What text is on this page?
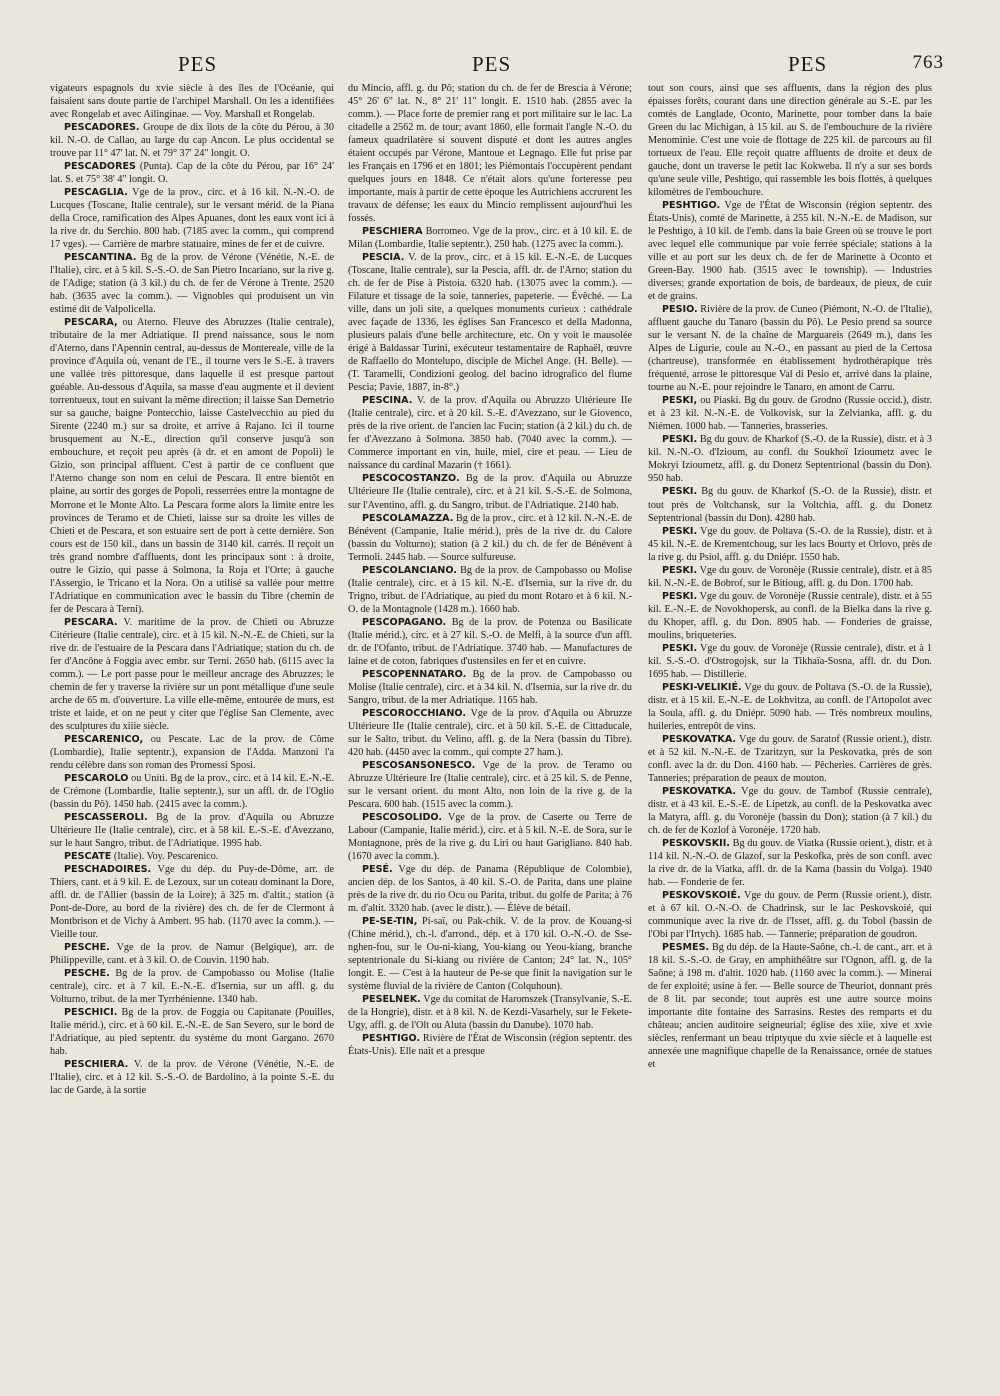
PES	PES	PES	763

vigateurs espagnols du xvie siècle à des îles de l'Océanie, qui faisaient sans doute partie de l'archipel Marshall. On les a identifiées avec Rongelab et avec Ailinginae. — Voy. Marshall et Rongelab.

PESCADORES. Groupe de dix îlots de la côte du Pérou, à 30 kil. N.-O. de Callao, au large du cap Ancon. Le plus occidental se trouve par 11° 47' lat. N. et 79° 37' 24" longit. O.

PESCADORES (Punta). Cap de la côte du Pérou, par 16° 24' lat. S. et 75° 38' 4" longit. O.

PESCAGLIA. Vge de la prov., circ. et à 16 kil. N.-N.-O. de Lucques (Toscane, Italie centrale), sur le versant mérid. de la Piana della Croce, ramification des Alpes Apuanes, dont les eaux vont ici à la rive dr. du Serchio. 800 hab. (7185 avec la comm., qui comprend 17 vges). — Carrière de marbre statuaire, mines de fer et de cuivre.

PESCANTINA. Bg de la prov. de Vérone (Vénétie, N.-E. de l'Italie), circ. et à 5 kil. S.-S.-O. de San Pietro Incariano, sur la rive g. de l'Adige; station (à 3 kil.) du ch. de fer de Vérone à Trente. 2520 hab. (3635 avec la comm.). — Vignobles qui produisent un vin estimé dit de Valpolicella.

PESCARA, ou Aterno. Fleuve des Abruzzes (Italie centrale), tributaire de la mer Adriatique. Il prend naissance, sous le nom d'Aterno, dans l'Apennin central, au-dessus de Montereale, ville de la province d'Aquila où, venant de l'E., il tourne vers le S.-E. à travers une vallée très pittoresque, dans laquelle il est presque partout guéable. Au-dessous d'Aquila, sa masse d'eau augmente et il devient torrentueux, tout en suivant la même direction; il laisse San Demetrio sur sa gauche, baigne Pontecchio, laisse Castelvecchio au pied du Sirente (2240 m.) sur sa droite, et arrive à Rajano. Ici il tourne brusquement au N.-E., direction qu'il conserve jusqu'à son embouchure, et reçoit peu après (à dr. et en amont de Popoli) le Gizio, son principal affluent. C'est à partir de ce confluent que l'Aterno change son nom en celui de Pescara. Il entre bientôt en plaine, au sortir des gorges de Popoli, resserrées entre la montagne de Morrone et le Monte Alto. La Pescara forme alors la limite entre les provinces de Teramo et de Chieti, laisse sur sa droite les villes de Chieti et de Pescara, et son estuaire sert de port à cette dernière. Son cours est de 150 kil., dans un bassin de 3140 kil. carrés. Il reçoit un très grand nombre d'affluents, dont les principaux sont : à droite, outre le Gizio, qui passe à Solmona, la Roja et l'Orte; à gauche l'Assergio, le Tricano et la Nora. On a utilisé sa vallée pour mettre l'Adriatique en communication avec le bassin du Tibre (chemin de fer de Pescara à Terni).

PESCARA. V. maritime de la prov. de Chieti ou Abruzze Citérieure (Italie centrale), circ. et à 15 kil. N.-N.-E. de Chieti, sur la rive dr. de l'estuaire de la Pescara dans l'Adriatique; station du ch. de fer d'Ancône à Foggia avec embr. sur Terni. 2650 hab. (6115 avec la comm.). — Le port passe pour le meilleur ancrage des Abruzzes; le chemin de fer y traverse la rivière sur un pont métallique d'une seule arche de 65 m. d'ouverture. La ville elle-même, entourée de murs, est triste et laide, et on ne peut y citer que l'église San Clemente, avec des sculptures du xiiie siècle.

PESCARENICO, ou Pescate. Lac de la prov. de Côme (Lombardie), Italie septentr.), expansion de l'Adda. Manzoni l'a rendu célèbre dans son roman des Promessi Sposi.

PESCAROLO ou Uniti. Bg de la prov., circ. et à 14 kil. E.-N.-E. de Crémone (Lombardie, Italie septentr.), sur un affl. dr. de l'Oglio (bassin du Pô). 1450 hab. (2415 avec la comm.).

PESCASSEROLI. Bg de la prov. d'Aquila ou Abruzze Ultérieure IIe (Italie centrale), circ. et à 58 kil. E.-S.-E. d'Avezzano, sur le haut Sangro, tribut. de l'Adriatique. 1995 hab.

PESCATE (Italie). Voy. Pescarenico.

PESCHADOIRES. Vge du dép. du Puy-de-Dôme, arr. de Thiers, cant. et à 9 kil. E. de Lezoux, sur un coteau dominant la Dore, affl. dr. de l'Allier (bassin de la Loire); à 325 m. d'altit.; station (à Pont-de-Dore, au bord de la rivière) des ch. de fer de Clermont à Montbrison et de Vichy à Ambert. 95 hab. (1170 avec la comm.). — Vieille tour.

PESCHE. Vge de la prov. de Namur (Belgique), arr. de Philippeville, cant. et à 3 kil. O. de Couvin. 1190 hab.

PESCHE. Bg de la prov. de Campobasso ou Molise (Italie centrale), circ. et à 7 kil. E.-N.-E. d'Isernia, sur un affl. g. du Volturno, tribut. de la mer Tyrrhénienne. 1340 hab.

PESCHICI. Bg de la prov. de Foggia ou Capitanate (Pouilles, Italie mérid.), circ. et à 60 kil. E.-N.-E. de San Severo, sur le bord de l'Adriatique, au pied septentr. du système du mont Gargano. 2670 hab.

PESCHIERA. V. de la prov. de Vérone (Vénétie, N.-E. de l'Italie), circ. et à 12 kil. S.-S.-O. de Bardolino, à la pointe S.-E. du lac de Garde, à la sortie

du Mincio, affl. g. du Pô; station du ch. de fer de Brescia à Vérone; 45° 26' 6" lat. N., 8° 21' 11" longit. E. 1510 hab. (2855 avec la comm.). — Place forte de premier rang et port militaire sur le lac. La citadelle a 2562 m. de tour; avant 1860, elle formait l'angle N.-O. du fameux quadrilatère si souvent disputé et dont les autres angles étaient occupés par Vérone, Mantoue et Legnago. Elle fut prise par les Français en 1796 et en 1801; les Piémontais l'occupèrent pendant quelques jours en 1848. Ce n'était alors qu'une forteresse peu importante, mais à partir de cette époque les Autrichiens accrurent les travaux de défense; les eaux du Mincio remplissent aujourd'hui les fossés.

PESCHIERA Borromeo. Vge de la prov., circ. et à 10 kil. E. de Milan (Lombardie, Italie septentr.). 250 hab. (1275 avec la comm.).

PESCIA. V. de la prov., circ. et à 15 kil. E.-N.-E. de Lucques (Toscane, Italie centrale), sur la Pescia, affl. dr. de l'Arno; station du ch. de fer de Pise à Pistoia. 6320 hab. (13075 avec la comm.). — Filature et tissage de la soie, tanneries, papeterie. — Évêché. — La ville, dans un joli site, a quelques monuments curieux : cathédrale avec façade de 1336, les églises San Francesco et della Madonna, plusieurs palais d'une belle architecture, etc. On y voit le mausolée érigé à Baldassar Turini, exécuteur testamentaire de Raphaël, œuvre de Raffaello do Montelupo, disciple de Michel Ange. (H. Belle). — (T. Taramelli, Condizioni geolog. del bacino idrografico del fiume Pescia; Pavie, 1887, in-8°.)

PESCINA. V. de la prov. d'Aquila ou Abruzzo Ultérieure IIe (Italie centrale), circ. et à 20 kil. S.-E. d'Avezzano, sur le Giovenco, près de la rive orient. de l'ancien lac Fucin; station (à 2 kil.) du ch. de fer d'Avezzano à Solmona. 3850 hab. (7040 avec la comm.). — Commerce important en vin, huile, miel, cire et peau. — Lieu de naissance du cardinal Mazarin († 1661).

PESCOCOSTANZO. Bg de la prov. d'Aquila ou Abruzze Ultérieure IIe (Italie centrale), circ. et à 21 kil. S.-S.-E. de Solmona, sur l'Aventino, affl. g. du Sangro, tribut. de l'Adriatique. 2140 hab.

PESCOLAMAZZA. Bg de la prov., circ. et à 12 kil. N.-N.-E. de Bénévent (Campanie, Italie mérid.), près de la rive dr. du Calore (bassin du Volturno); station (à 2 kil.) du ch. de fer de Bénévent à Termoli. 2445 hab. — Source sulfureuse.

PESCOLANCIANO. Bg de la prov. de Campobasso ou Molise (Italie centrale), circ. et à 15 kil. N.-E. d'Isernia, sur la rive dr. du Trigno, tribut. de l'Adriatique, au pied du mont Rotaro et à 6 kil. N.-O. de la Montagnole (1428 m.). 1660 hab.

PESCOPAGANO. Bg de la prov. de Potenza ou Basilicate (Italie mérid.), circ. et à 27 kil. S.-O. de Melfi, à la source d'un affl. dr. de l'Ofanto, tribut. de l'Adriatique. 3740 hab. — Manufactures de laine et de coton, fabriques d'ustensiles en fer et en cuivre.

PESCOPENNATARO. Bg de la prov. de Campobasso ou Molise (Italie centrale), circ. et à 34 kil. N. d'Isernia, sur la rive dr. du Sangro, tribut. de la mer Adriatique. 1165 hab.

PESCOROCCHIANO. Vge de la prov. d'Aquila ou Abruzze Ultérieure IIe (Italie centrale), circ. et à 50 kil. S.-E. de Cittaducale, sur le Salto, tribut. du Velino, affl. g. de la Nera (bassin du Tibre). 420 hab. (4450 avec la comm., qui compte 27 ham.).

PESCOSANSONESCO. Vge de la prov. de Teramo ou Abruzze Ultérieure Ire (Italie centrale), circ. et à 25 kil. S. de Penne, sur le versant orient. du mont Alto, non loin de la rive g. de la Pescara. 600 hab. (1515 avec la comm.).

PESCOSOLIDO. Vge de la prov. de Caserte ou Terre de Labour (Campanie, Italie mérid.), circ. et à 5 kil. N.-E. de Sora, sur le Montagnone, près de la rive g. du Liri ou haut Garigliano. 840 hab. (1670 avec la comm.).

PESÉ. Vge du dép. de Panama (République de Colombie), ancien dép. de los Santos, à 40 kil. S.-O. de Parita, dans une plaine près de la rive dr. du rio Ocu ou Parita, tribut. du golfe de Parita; à 76 m. d'altit. 3320 hab. (avec le distr.). — Élève de bétail.

PE-SE-TIN, Pi-saï, ou Pak-chik. V. de la prov. de Kouang-si (Chine mérid.), ch.-l. d'arrond., dép. et à 170 kil. O.-N.-O. de Sse-nghen-fou, sur le Ou-ni-kiang, You-kiang ou Yeou-kiang, branche septentrionale du Si-kiang ou rivière de Canton; 24° lat. N., 105° longit. E. — C'est à la hauteur de Pe-se que finit la navigation sur le système fluvial de la rivière de Canton (Colquhoun).

PESELNEK. Vge du comitat de Haromszek (Transylvanie, S.-E. de la Hongrie), distr. et à 8 kil. N. de Kezdi-Vasarhely, sur le Fekete-Ugy, affl. g. de l'Olt ou Aluta (bassin du Danube). 1070 hab.

PESHTIGO. Rivière de l'État de Wisconsin (région septentr. des États-Unis). Elle naît et a presque

tout son cours, ainsi que ses affluents, dans la région des plus épaisses forêts, courant dans une direction générale au S.-E. par les comtés de Langlade, Oconto, Marinette, pour tomber dans la baie Green du lac Michigan, à 15 kil. au S. de l'embouchure de la rivière Menominie. C'est une voie de flottage de 225 kil. de parcours au fil tortueux de l'eau. Elle reçoit quatre affluents de droite et deux de gauche, dont un traverse le petit lac Kokweba. Il n'y a sur ses bords qu'une seule ville, Peshtigo, qui rassemble les bois flottés, à quelques kilomètres de l'embouchure.

PESHTIGO. Vge de l'État de Wisconsin (région septentr. des États-Unis), comté de Marinette, à 255 kil. N.-N.-E. de Madison, sur le Peshtigo, à 10 kil. de l'emb. dans la baie Green où se trouve le port avec lequel elle communique par voie ferrée spéciale; stations à la ville et au port sur les deux ch. de fer de Marinette à Oconto et Green-Bay. 1900 hab. (3515 avec le township). — Industries diverses; grande exportation de bois, de bardeaux, de pieux, de cuir et de grains.

PESIO. Rivière de la prov. de Cuneo (Piémont, N.-O. de l'Italie), affluent gauche du Tanaro (bassin du Pô). Le Pesio prend sa source sur le versant N. de la chaîne de Marguareis (2649 m.), dans les Alpes de Ligurie, coule au N.-O., en passant au pied de la Certosa (chartreuse), transformée en établissement hydrothérapique très fréquenté, arrose le pittoresque Val di Pesio et, arrivé dans la plaine, tourne au N.-E. pour rejoindre le Tanaro, en amont de Carru.

PESKI, ou Piaski. Bg du gouv. de Grodno (Russie occid.), distr. et à 23 kil. N.-N.-E. de Volkovisk, sur la Zelvianka, affl. g. du Niémen. 1000 hab. — Tanneries, brasseries.

PESKI. Bg du gouv. de Kharkof (S.-O. de la Russie), distr. et à 3 kil. N.-N.-O. d'Izioum, au confl. du Soukhoï Izioumetz avec le Mokryi Izioumetz, affl. g. du Donetz Septentrional (bassin du Don). 950 hab.

PESKI. Bg du gouv. de Kharkof (S.-O. de la Russie), distr. et tout près de Voltchansk, sur la Voltchia, affl. g. du Donetz Septentrional (bassin du Don). 4280 hab.

PESKI. Vge du gouv. de Poltava (S.-O. de la Russie), distr. et à 45 kil. N.-E. de Krementchoug, sur les lacs Bourty et Orlovo, près de la rive g. du Psiol, affl. g. du Dniépr. 1550 hab.

PESKI. Vge du gouv. de Voronèje (Russie centrale), distr. et à 85 kil. N.-N.-E. de Bobrof, sur le Bitioug, affl. g. du Don. 1700 hab.

PESKI. Vge du gouv. de Voronèje (Russie centrale), distr. et à 55 kil. E.-N.-E. de Novokhopersk, au confl. de la Bielka dans la rive g. du Khoper, affl. g. du Don. 8905 hab. — Fonderies de graisse, moulins, briqueteries.

PESKI. Vge du gouv. de Voronèje (Russie centrale), distr. et à 1 kil. S.-S.-O. d'Ostrogojsk, sur la Tikhaïa-Sosna, affl. dr. du Don. 1695 hab. — Distillerie.

PESKI-VELIKIÉ. Vge du gouv. de Poltava (S.-O. de la Russie), distr. et à 15 kil. E.-N.-E. de Lokhvitza, au confl. de l'Artopolot avec la Soula, affl. g. du Dniépr. 5090 hab. — Très nombreux moulins, huileries, entrepôt de vins.

PESKOVATKA. Vge du gouv. de Saratof (Russie orient.), distr. et à 52 kil. N.-N.-E. de Tzaritzyn, sur la Peskovatka, près de son confl. avec la dr. du Don. 4160 hab. — Pêcheries. Carrières de grès. Tanneries; préparation de peaux de mouton.

PESKOVATKA. Vge du gouv. de Tambof (Russie centrale), distr. et à 43 kil. E.-S.-E. de Lipetzk, au confl. de la Peskovatka avec la Matyra, affl. g. du Voronèje (bassin du Don); station (à 7 kil.) du ch. de fer de Kozlof à Voronèje. 1720 hab.

PESKOVSKII. Bg du gouv. de Viatka (Russie orient.), distr. et à 114 kil. N.-N.-O. de Glazof, sur la Peskofka, près de son confl. avec la rive dr. de la Viatka, affl. dr. de la Kama (bassin du Volga). 1940 hab. — Fonderie de fer.

PESKOVSKOIÉ. Vge du gouv. de Perm (Russie orient.), distr. et à 67 kil. O.-N.-O. de Chadrinsk, sur le lac Peskovskoié, qui communique avec la rive dr. de l'Isset, affl. g. du Tobol (bassin de l'Obi par l'Irtych). 1685 hab. — Tannerie; préparation de goudron.

PESMES. Bg du dép. de la Haute-Saône, ch.-l. de cant., arr. et à 18 kil. S.-S.-O. de Gray, en amphithéâtre sur l'Ognon, affl. g. de la Saône; à 198 m. d'altit. 1020 hab. (1160 avec la comm.). — Minerai de fer exploité; usine à fer. — Belle source de Theuriot, donnant près de 8 lit. par seconde; tout auprès est une autre source moins importante dite fontaine des Sarrasins. Restes des remparts et du château; ancien auditoire seigneurial; église des xiie, xive et xvie siècles, renfermant un beau triptyque du xvie siècle et à laquelle est annexée une magnifique chapelle de la Renaissance, ornée de statues et
